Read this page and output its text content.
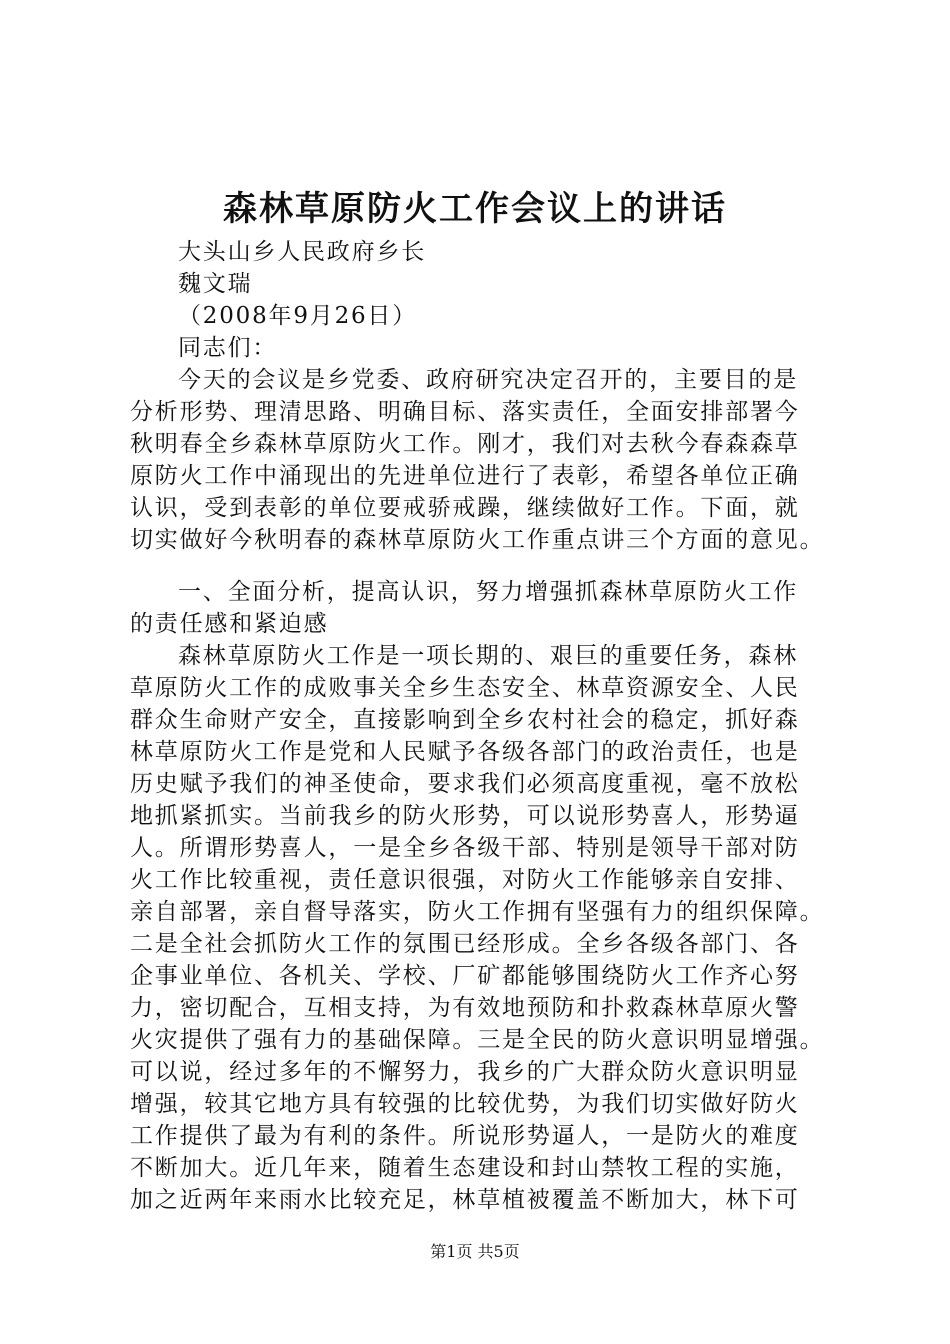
森林草原防火工作会议上的讲话
大头山乡人民政府乡长
魏文瑞
（2008年9月26日）
同志们：
今天的会议是乡党委、政府研究决定召开的，主要目的是
分析形势、理清思路、明确目标、落实责任，全面安排部署今
秋明春全乡森林草原防火工作。刚才，我们对去秋今春森森草
原防火工作中涌现出的先进单位进行了表彰，希望各单位正确
认识，受到表彰的单位要戒骄戒躁，继续做好工作。下面，就
切实做好今秋明春的森林草原防火工作重点讲三个方面的意见。
一、全面分析，提高认识，努力增强抓森林草原防火工作
的责任感和紧迫感
森林草原防火工作是一项长期的、艰巨的重要任务，森林
草原防火工作的成败事关全乡生态安全、林草资源安全、人民
群众生命财产安全，直接影响到全乡农村社会的稳定，抓好森
林草原防火工作是党和人民赋予各级各部门的政治责任，也是
历史赋予我们的神圣使命，要求我们必须高度重视，毫不放松
地抓紧抓实。当前我乡的防火形势，可以说形势喜人，形势逼
人。所谓形势喜人，一是全乡各级干部、特别是领导干部对防
火工作比较重视，责任意识很强，对防火工作能够亲自安排、
亲自部署，亲自督导落实，防火工作拥有坚强有力的组织保障。
二是全社会抓防火工作的氛围已经形成。全乡各级各部门、各
企事业单位、各机关、学校、厂矿都能够围绕防火工作齐心努
力，密切配合，互相支持，为有效地预防和扑救森林草原火警
火灾提供了强有力的基础保障。三是全民的防火意识明显增强。
可以说，经过多年的不懈努力，我乡的广大群众防火意识明显
增强，较其它地方具有较强的比较优势，为我们切实做好防火
工作提供了最为有利的条件。所说形势逼人，一是防火的难度
不断加大。近几年来，随着生态建设和封山禁牧工程的实施，
加之近两年来雨水比较充足，林草植被覆盖不断加大，林下可
第1页 共5页
